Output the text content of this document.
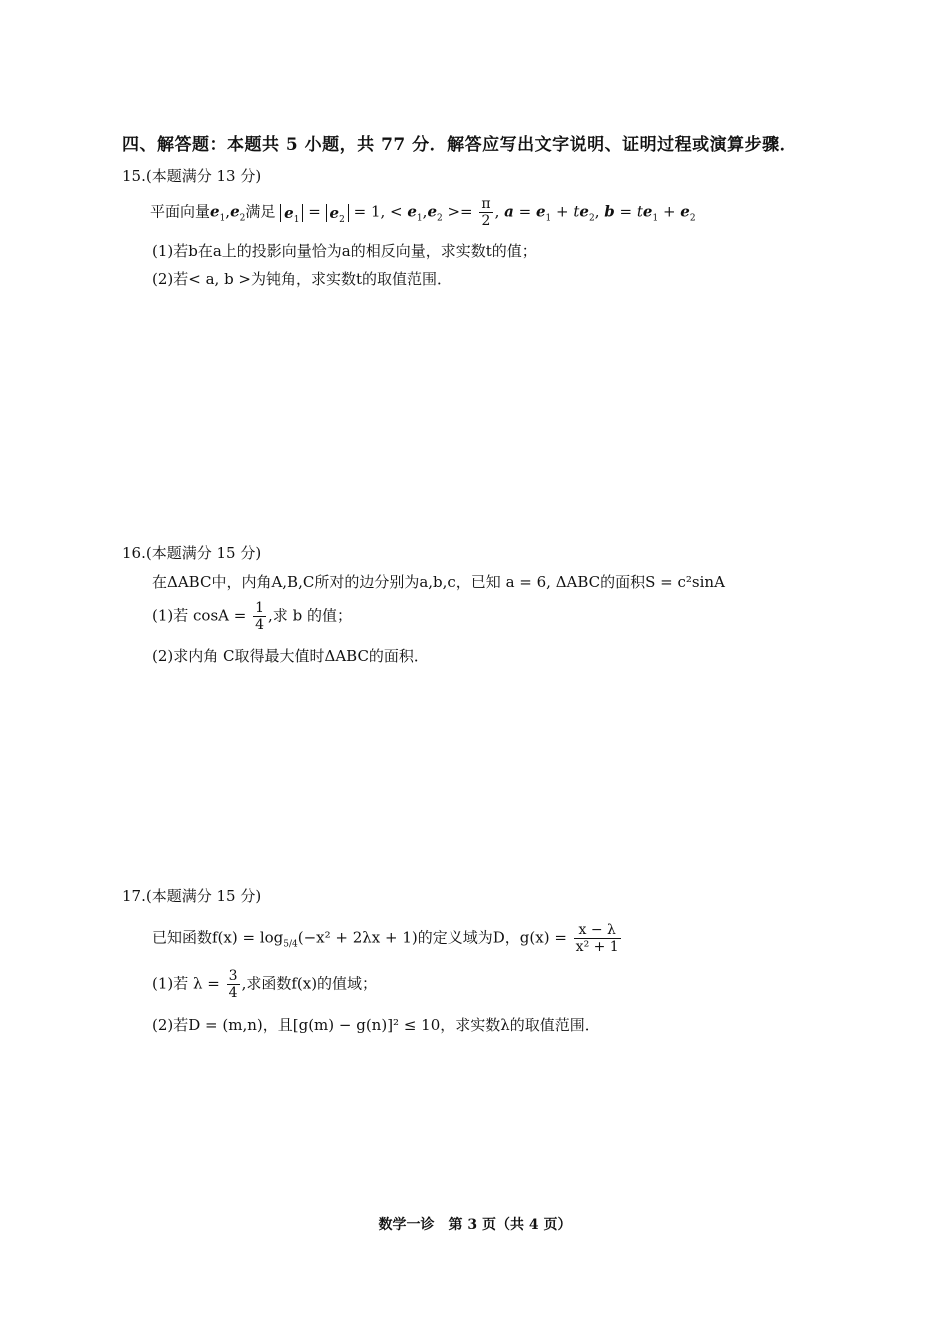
四、解答题：本题共 5 小题，共 77 分．解答应写出文字说明、证明过程或演算步骤．
15.(本题满分 13 分)
平面向量$e_1,e_2$满足 $e_1 = e_2 = 1$, < $e_1,e_2 >= \frac{\pi}{2}$ , $a = e_1 + te_2$, $b = te_1 + e_2$
(1)若b在a上的投影向量恰为a的相反向量，求实数t的值；
(2)若< a, b >为钝角，求实数t的取值范围．
16.(本题满分 15 分)
在ΔABC中，内角A,B,C所对的边分别为a,b,c，已知 a = 6, ΔABC的面积S = c²sinA
(1)若 $\cos A = \frac{1}{4}$ ,求 b 的值；
(2)求内角 C取得最大值时ΔABC的面积．
17.(本题满分 15 分)
已知函数$f(x) = \log_{5/4}(-x^2 + 2\lambda x + 1)$的定义域为D，$g(x) = \frac{x - \lambda}{\text{x² + 1}}$
(1)若 $\lambda = \frac{3}{4}$ ,求函数f(x)的值域；
(2)若D = (m,n)，且[g(m) − g(n)]² ≤ 10，求实数λ的取值范围．
数学一诊　第 3 页（共 4 页）
